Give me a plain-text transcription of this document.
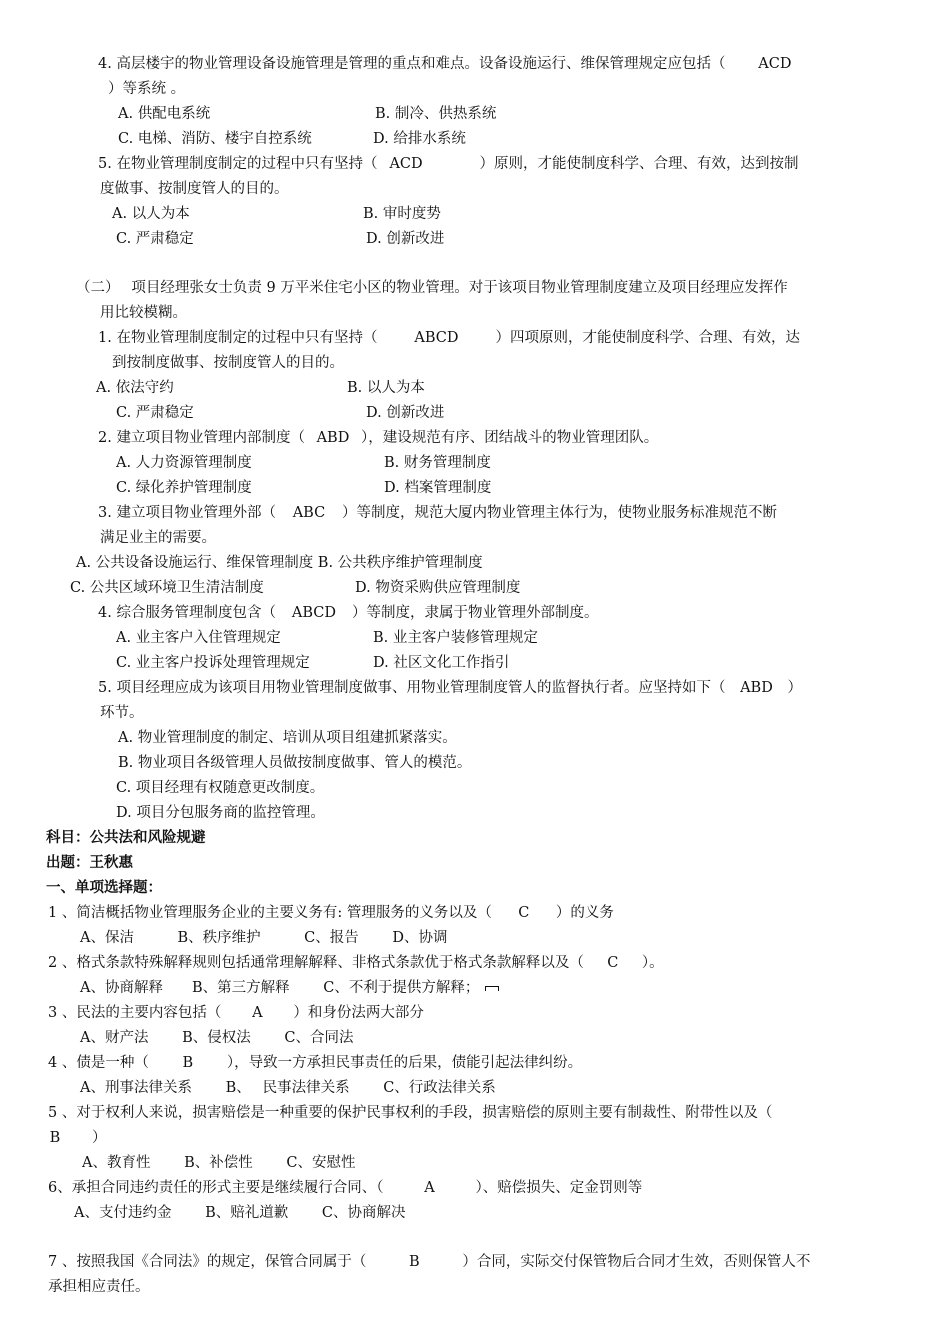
4. 高层楼宇的物业管理设备设施管理是管理的重点和难点。设备设施运行、维保管理规定应包括（ ACD
）等系统 。
A. 供配电系统	B. 制冷、供热系统
C. 电梯、消防、楼宇自控系统	D. 给排水系统
5. 在物业管理制度制定的过程中只有坚持（ ACD	）原则，才能使制度科学、合理、有效，达到按制
度做事、按制度管人的目的。
A. 以人为本	B. 审时度势
C. 严肃稳定	D. 创新改进
（二）　 项目经理张女士负责 9 万平米住宅小区的物业管理。对于该项目物业管理制度建立及项目经理应发挥作
用比较模糊。
1. 在物业管理制度制定的过程中只有坚持（	ABCD	）四项原则，才能使制度科学、合理、有效，达
到按制度做事、按制度管人的目的。
A. 依法守约	B. 以人为本
C. 严肃稳定	D. 创新改进
2. 建立项目物业管理内部制度（ ABD ），建设规范有序、团结战斗的物业管理团队。
A. 人力资源管理制度	B. 财务管理制度
C. 绿化养护管理制度	D. 档案管理制度
3. 建立项目物业管理外部（ ABC ）等制度，规范大厦内物业管理主体行为，使物业服务标准规范不断
满足业主的需要。
A. 公共设备设施运行、维保管理制度 B. 公共秩序维护管理制度
C. 公共区域环境卫生清洁制度	D. 物资采购供应管理制度
4. 综合服务管理制度包含（ ABCD ）等制度，隶属于物业管理外部制度。
A. 业主客户入住管理规定	B. 业主客户装修管理规定
C. 业主客户投诉处理管理规定	D. 社区文化工作指引
5. 项目经理应成为该项目用物业管理制度做事、用物业管理制度管人的监督执行者。应坚持如下（ ABD ）
环节。
A. 物业管理制度的制定、培训从项目组建抓紧落实。
B. 物业项目各级管理人员做按制度做事、管人的模范。
C. 项目经理有权随意更改制度。
D. 项目分包服务商的监控管理。
科目：公共法和风险规避
出题：王秋惠
一、单项选择题：
1 、简洁概括物业管理服务企业的主要义务有: 管理服务的义务以及（ C ）的义务
A、保洁　　　B、秩序维护　　　C、报告　　 D、协调
2 、格式条款特殊解释规则包括通常理解解释、非格式条款优于格式条款解释以及（ C ）。
A、协商解释　　B、第三方解释　　 C、不利于提供方解释；
3 、民法的主要内容包括（ A ）和身份法两大部分
A、财产法　　 B、侵权法　　 C、合同法
4 、债是一种（ B ），导致一方承担民事责任的后果，债能引起法律纠纷。
A、刑事法律关系　　 B、　 民事法律关系　　 C、行政法律关系
5 、对于权利人来说，损害赔偿是一种重要的保护民事权利的手段，损害赔偿的原则主要有制裁性、附带性以及（
B ）
A、教育性　　 B、补偿性　　 C、安慰性
6、承担合同违约责任的形式主要是继续履行合同、（	A	）、赔偿损失、定金罚则等
A、支付违约金　　 B、赔礼道歉　　 C、协商解决
7 、按照我国《合同法》的规定，保管合同属于（	B	）合同，实际交付保管物后合同才生效，否则保管人不
承担相应责任。
